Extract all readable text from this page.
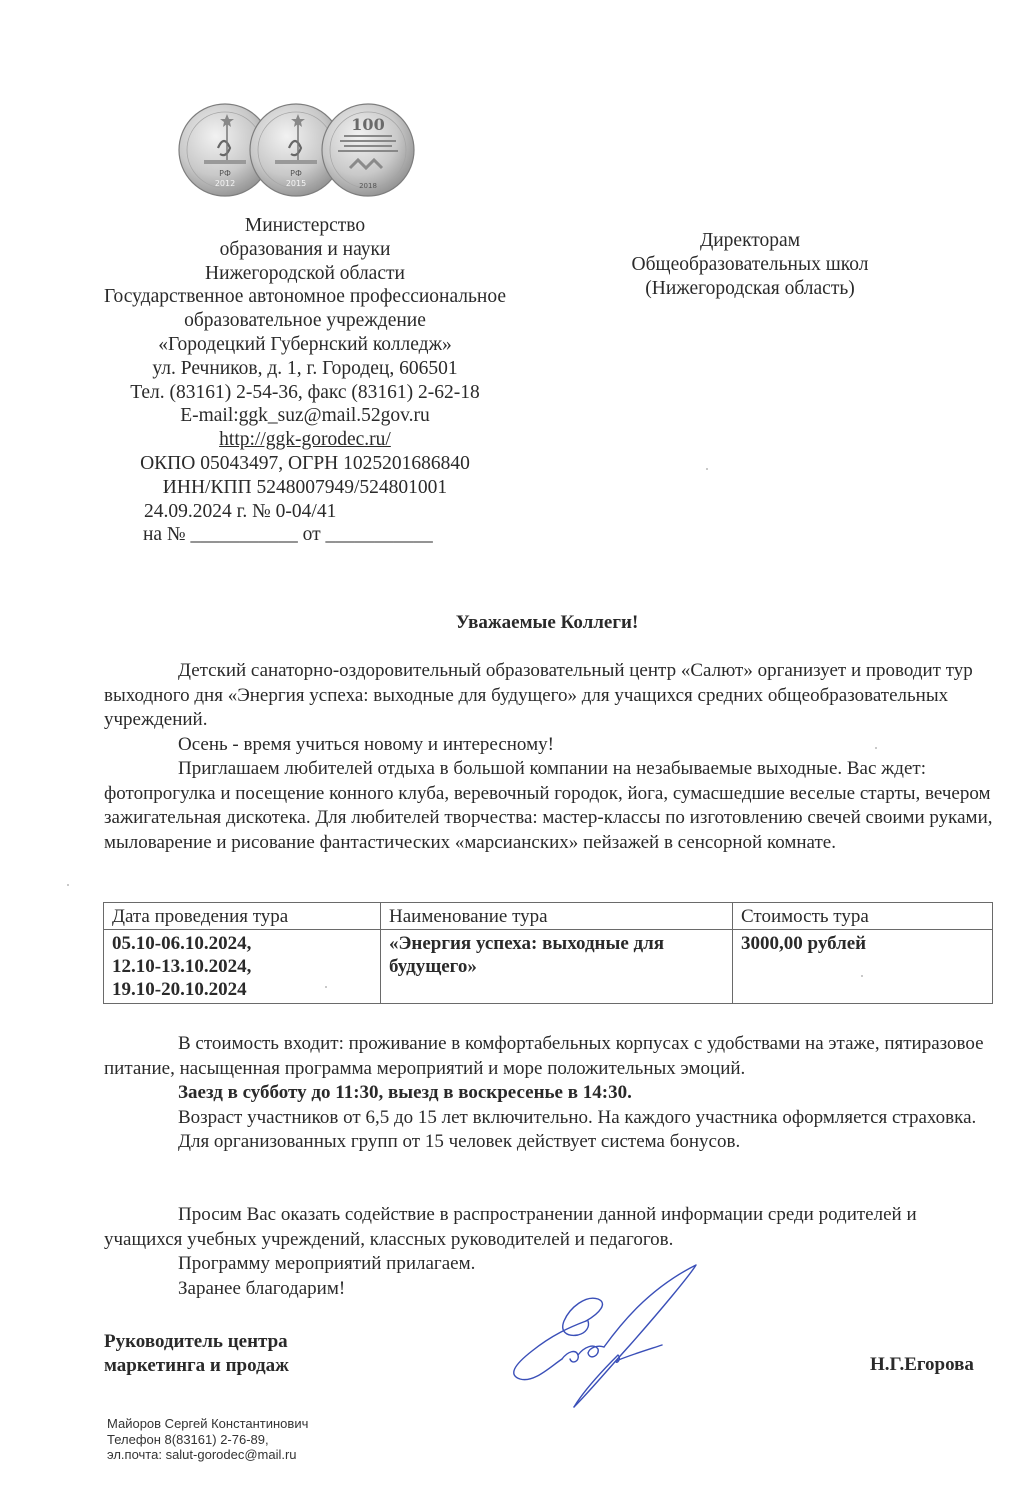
РФ
2012
РФ
2015
100
2018
Министерство
образования и науки
Нижегородской области
Государственное автономное профессиональное
образовательное учреждение
«Городецкий Губернский колледж»
ул. Речников, д. 1, г. Городец, 606501
Тел. (83161) 2-54-36, факс (83161) 2-62-18
E-mail:ggk_suz@mail.52gov.ru
http://ggk-gorodec.ru/
ОКПО 05043497, ОГРН 1025201686840
ИНН/КПП 5248007949/524801001
24.09.2024 г. № 0-04/41
на № ___________ от ___________
Директорам
Общеобразовательных школ
(Нижегородская область)
Уважаемые Коллеги!

Детский санаторно-оздоровительный образовательный центр «Салют» организует и проводит тур выходного дня «Энергия успеха: выходные для будущего» для учащихся средних общеобразовательных учреждений.

Осень - время учиться новому и интересному!

Приглашаем любителей отдыха в большой компании на незабываемые выходные. Вас ждет: фотопрогулка и посещение конного клуба, веревочный городок, йога, сумасшедшие веселые старты, вечером зажигательная дискотека. Для любителей творчества: мастер-классы по изготовлению свечей своими руками, мыловарение и рисование фантастических «марсианских» пейзажей в сенсорной комнате.

Дата проведения тура	Наименование тура	Стоимость тура

05.10-06.10.2024,
12.10-13.10.2024,
19.10-20.10.2024	«Энергия успеха: выходные для будущего»	3000,00 рублей

В стоимость входит: проживание в комфортабельных корпусах с удобствами на этаже, пятиразовое питание, насыщенная программа мероприятий и море положительных эмоций.

Заезд в субботу до 11:30, выезд в воскресенье в 14:30.

Возраст участников от 6,5 до 15 лет включительно. На каждого участника оформляется страховка.

Для организованных групп от 15 человек действует система бонусов.

Просим Вас оказать содействие в распространении данной информации среди родителей и учащихся учебных учреждений, классных руководителей и педагогов.

Программу мероприятий прилагаем.

Заранее благодарим!

Руководитель центра
маркетинга и продаж	Н.Г.Егорова
Майоров Сергей Константинович
Телефон 8(83161) 2-76-89,
эл.почта: salut-gorodec@mail.ru
